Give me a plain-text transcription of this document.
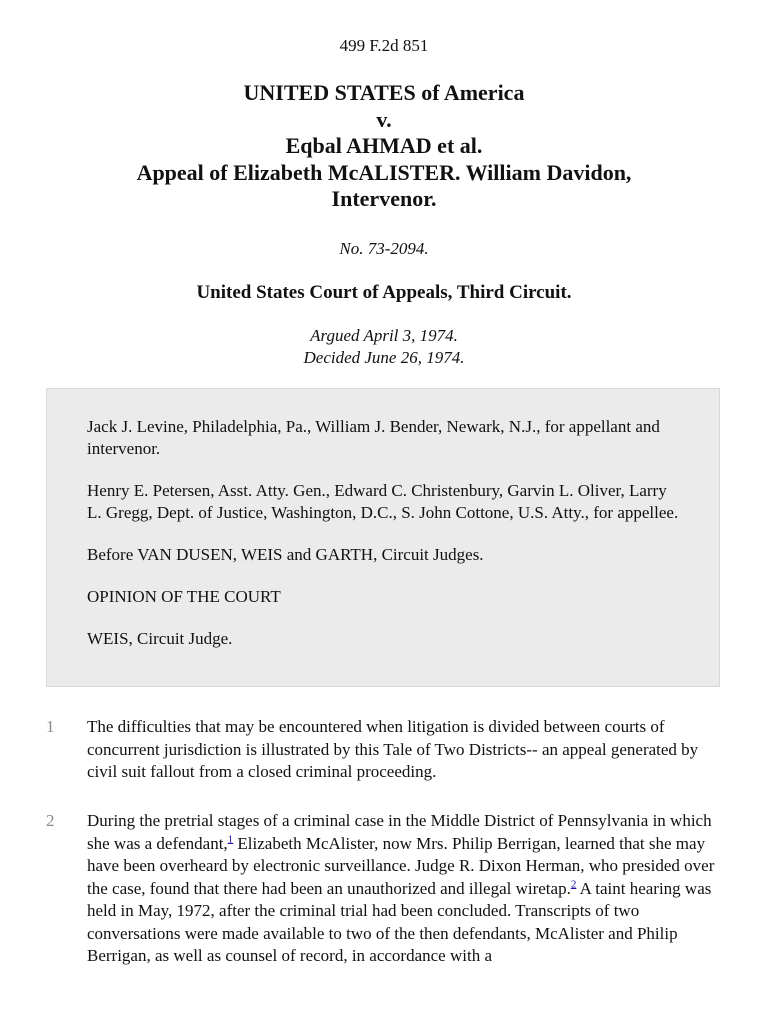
499 F.2d 851
UNITED STATES of America
v.
Eqbal AHMAD et al.
Appeal of Elizabeth McALISTER. William Davidon,
Intervenor.
No. 73-2094.
United States Court of Appeals, Third Circuit.
Argued April 3, 1974.
Decided June 26, 1974.

Jack J. Levine, Philadelphia, Pa., William J. Bender, Newark, N.J., for appellant and intervenor.

Henry E. Petersen, Asst. Atty. Gen., Edward C. Christenbury, Garvin L. Oliver, Larry L. Gregg, Dept. of Justice, Washington, D.C., S. John Cottone, U.S. Atty., for appellee.

Before VAN DUSEN, WEIS and GARTH, Circuit Judges.

OPINION OF THE COURT

WEIS, Circuit Judge.

1	The difficulties that may be encountered when litigation is divided between courts of concurrent jurisdiction is illustrated by this Tale of Two Districts-- an appeal generated by civil suit fallout from a closed criminal proceeding.
2	During the pretrial stages of a criminal case in the Middle District of Pennsylvania in which she was a defendant,$^1$ Elizabeth McAlister, now Mrs. Philip Berrigan, learned that she may have been overheard by electronic surveillance. Judge R. Dixon Herman, who presided over the case, found that there had been an unauthorized and illegal wiretap.$^2$ A taint hearing was held in May, 1972, after the criminal trial had been concluded. Transcripts of two conversations were made available to two of the then defendants, McAlister and Philip Berrigan, as well as counsel of record, in accordance with a
